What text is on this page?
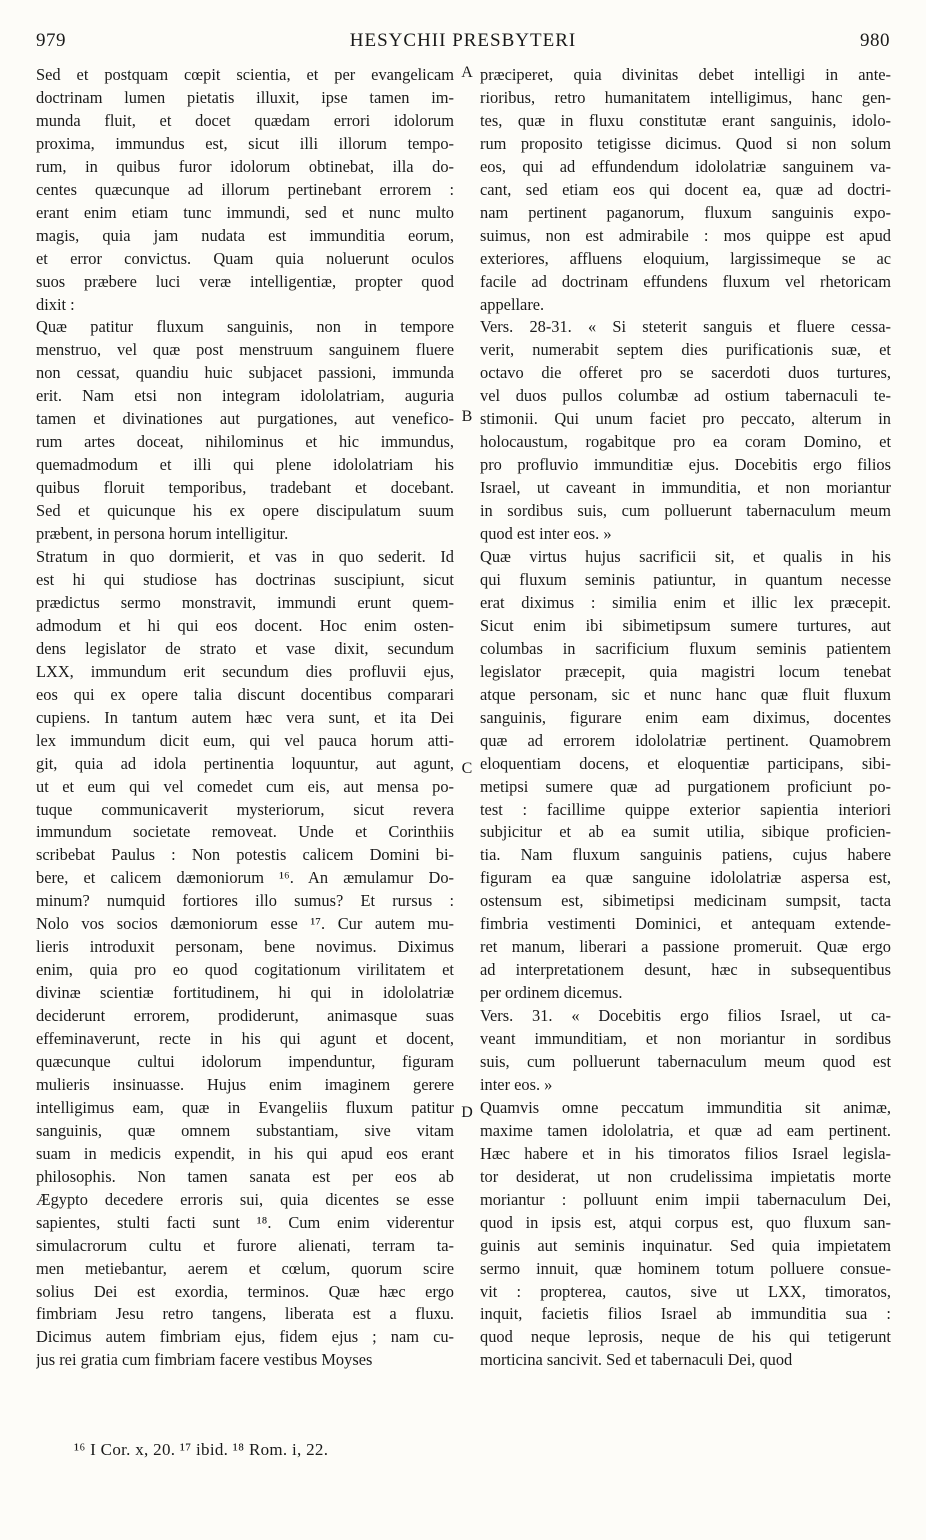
979	HESYCHII PRESBYTERI	980
Sed et postquam cœpit scientia, et per evangelicam
doctrinam lumen pietatis illuxit, ipse tamen im-
munda fluit, et docet quædam errori idolorum
proxima, immundus est, sicut illi illorum tempo-
rum, in quibus furor idolorum obtinebat, illa do-
centes quæcunque ad illorum pertinebant errorem :
erant enim etiam tunc immundi, sed et nunc multo
magis, quia jam nudata est immunditia eorum,
et error convictus. Quam quia noluerunt oculos
suos præbere luci veræ intelligentiæ, propter quod
dixit :
Quæ patitur fluxum sanguinis, non in tempore
menstruo, vel quæ post menstruum sanguinem fluere
non cessat, quandiu huic subjacet passioni, immunda
erit. Nam etsi non integram idololatriam, auguria
tamen et divinationes aut purgationes, aut venefico-
rum artes doceat, nihilominus et hic immundus,
quemadmodum et illi qui plene idololatriam his
quibus floruit temporibus, tradebant et docebant.
Sed et quicunque his ex opere discipulatum suum
præbent, in persona horum intelligitur.
Stratum in quo dormierit, et vas in quo sederit. Id
est hi qui studiose has doctrinas suscipiunt, sicut
prædictus sermo monstravit, immundi erunt quem-
admodum et hi qui eos docent. Hoc enim osten-
dens legislator de strato et vase dixit, secundum
LXX, immundum erit secundum dies profluvii ejus,
eos qui ex opere talia discunt docentibus comparari
cupiens. In tantum autem hæc vera sunt, et ita Dei
lex immundum dicit eum, qui vel pauca horum atti-
git, quia ad idola pertinentia loquuntur, aut agunt,
ut et eum qui vel comedet cum eis, aut mensa po-
tuque communicaverit mysteriorum, sicut revera
immundum societate removeat. Unde et Corinthiis
scribebat Paulus : Non potestis calicem Domini bi-
bere, et calicem dæmoniorum ¹⁶. An æmulamur Do-
minum? numquid fortiores illo sumus? Et rursus :
Nolo vos socios dæmoniorum esse ¹⁷. Cur autem mu-
lieris introduxit personam, bene novimus. Diximus
enim, quia pro eo quod cogitationum virilitatem et
divinæ scientiæ fortitudinem, hi qui in idololatriæ
deciderunt errorem, prodiderunt, animasque suas
effeminaverunt, recte in his qui agunt et docent,
quæcunque cultui idolorum impenduntur, figuram
mulieris insinuasse. Hujus enim imaginem gerere
intelligimus eam, quæ in Evangeliis fluxum patitur
sanguinis, quæ omnem substantiam, sive vitam
suam in medicis expendit, in his qui apud eos erant
philosophis. Non tamen sanata est per eos ab
Ægypto decedere erroris sui, quia dicentes se esse
sapientes, stulti facti sunt ¹⁸. Cum enim viderentur
simulacrorum cultu et furore alienati, terram ta-
men metiebantur, aerem et cœlum, quorum scire
solius Dei est exordia, terminos. Quæ hæc ergo
fimbriam Jesu retro tangens, liberata est a fluxu.
Dicimus autem fimbriam ejus, fidem ejus ; nam cu-
jus rei gratia cum fimbriam facere vestibus Moyses
præciperet, quia divinitas debet intelligi in ante-
rioribus, retro humanitatem intelligimus, hanc gen-
tes, quæ in fluxu constitutæ erant sanguinis, idolo-
rum proposito tetigisse dicimus. Quod si non solum
eos, qui ad effundendum idololatriæ sanguinem va-
cant, sed etiam eos qui docent ea, quæ ad doctri-
nam pertinent paganorum, fluxum sanguinis expo-
suimus, non est admirabile : mos quippe est apud
exteriores, affluens eloquium, largissimeque se ac
facile ad doctrinam effundens fluxum vel rhetoricam
appellare.
Vers. 28-31. « Si steterit sanguis et fluere cessa-
verit, numerabit septem dies purificationis suæ, et
octavo die offeret pro se sacerdoti duos turtures,
vel duos pullos columbæ ad ostium tabernaculi te-
stimonii. Qui unum faciet pro peccato, alterum in
holocaustum, rogabitque pro ea coram Domino, et
pro profluvio immunditiæ ejus. Docebitis ergo filios
Israel, ut caveant in immunditia, et non moriantur
in sordibus suis, cum polluerunt tabernaculum meum
quod est inter eos. »
Quæ virtus hujus sacrificii sit, et qualis in his
qui fluxum seminis patiuntur, in quantum necesse
erat diximus : similia enim et illic lex præcepit.
Sicut enim ibi sibimetipsum sumere turtures, aut
columbas in sacrificium fluxum seminis patientem
legislator præcepit, quia magistri locum tenebat
atque personam, sic et nunc hanc quæ fluit fluxum
sanguinis, figurare enim eam diximus, docentes
quæ ad errorem idololatriæ pertinent. Quamobrem
eloquentiam docens, et eloquentiæ participans, sibi-
metipsi sumere quæ ad purgationem proficiunt po-
test : facillime quippe exterior sapientia interiori
subjicitur et ab ea sumit utilia, sibique proficien-
tia. Nam fluxum sanguinis patiens, cujus habere
figuram ea quæ sanguine idololatriæ aspersa est,
ostensum est, sibimetipsi medicinam sumpsit, tacta
fimbria vestimenti Dominici, et antequam extende-
ret manum, liberari a passione promeruit. Quæ ergo
ad interpretationem desunt, hæc in subsequentibus
per ordinem dicemus.
Vers. 31. « Docebitis ergo filios Israel, ut ca-
veant immunditiam, et non moriantur in sordibus
suis, cum polluerunt tabernaculum meum quod est
inter eos. »
Quamvis omne peccatum immunditia sit animæ,
maxime tamen idololatria, et quæ ad eam pertinent.
Hæc habere et in his timoratos filios Israel legisla-
tor desiderat, ut non crudelissima impietatis morte
moriantur : polluunt enim impii tabernaculum Dei,
quod in ipsis est, atqui corpus est, quo fluxum san-
guinis aut seminis inquinatur. Sed quia impietatem
sermo innuit, quæ hominem totum polluere consue-
vit : propterea, cautos, sive ut LXX, timoratos,
inquit, facietis filios Israel ab immunditia sua :
quod neque leprosis, neque de his qui tetigerunt
morticina sancivit. Sed et tabernaculi Dei, quod
A
B
C
D
¹⁶ I Cor. x, 20. ¹⁷ ibid. ¹⁸ Rom. i, 22.
